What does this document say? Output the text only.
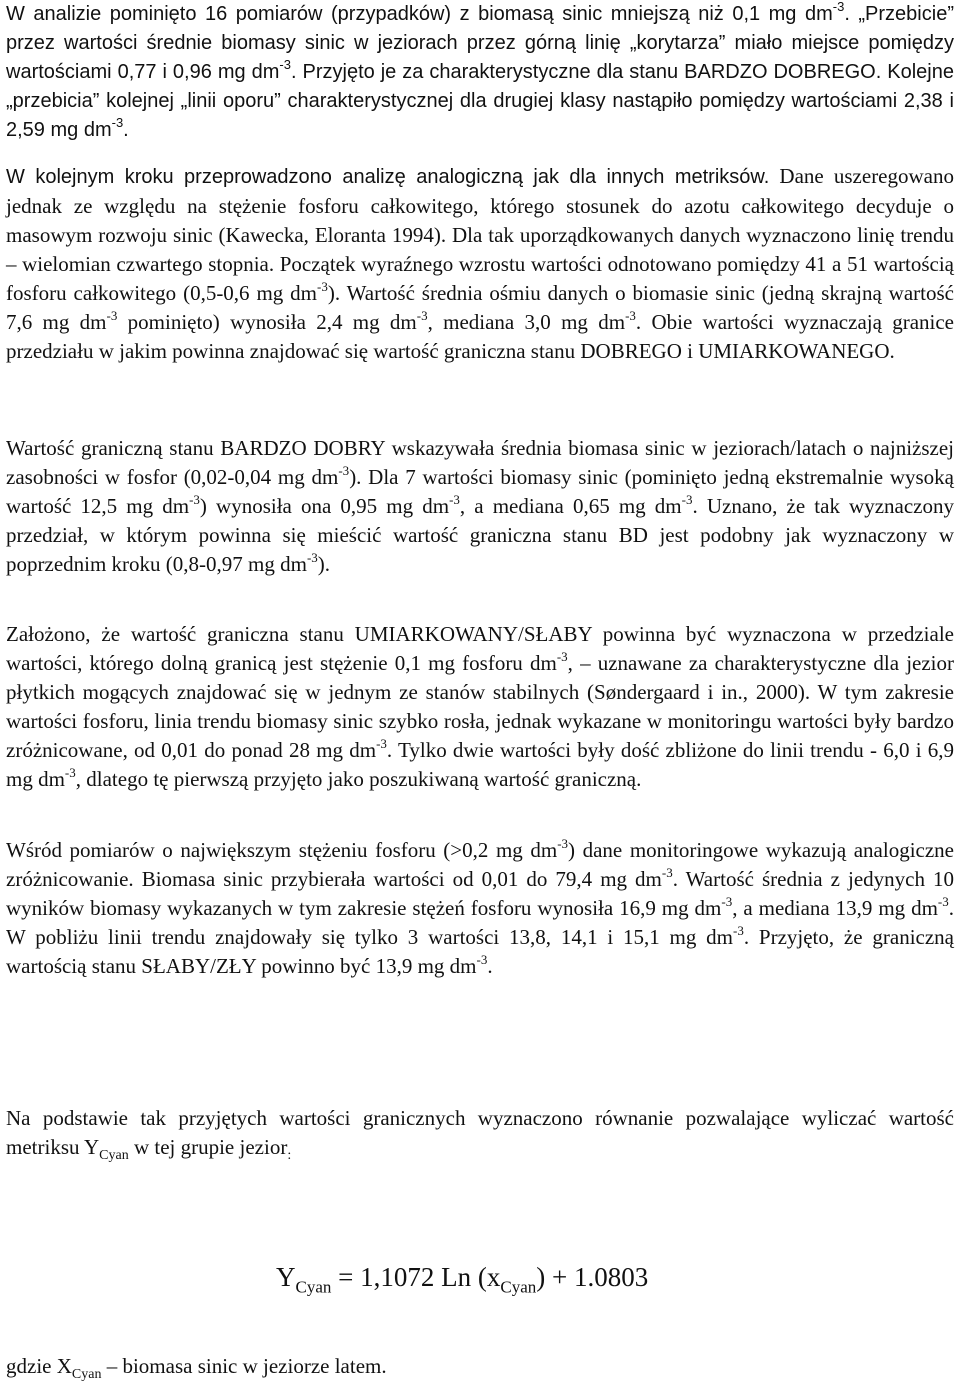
W analizie pominięto 16 pomiarów (przypadków) z biomasą sinic mniejszą niż 0,1 mg $dm^{-3}$. „Przebicie” przez wartości średnie biomasy sinic w jeziorach przez górną linię „korytarza” miało miejsce pomiędzy wartościami 0,77 i 0,96 mg $dm^{-3}$. Przyjęto je za charakterystyczne dla stanu BARDZO DOBREGO. Kolejne „przebicia” kolejnej „linii oporu” charakterystycznej dla drugiej klasy nastąpiło pomiędzy wartościami 2,38 i 2,59 mg $dm^{-3}$.

W kolejnym kroku przeprowadzono analizę analogiczną jak dla innych metriksów. Dane uszeregowano jednak ze względu na stężenie fosforu całkowitego, którego stosunek do azotu całkowitego decyduje o masowym rozwoju sinic (Kawecka, Eloranta 1994). Dla tak uporządkowanych danych wyznaczono linię trendu – wielomian czwartego stopnia. Początek wyraźnego wzrostu wartości odnotowano pomiędzy 41 a 51 wartością fosforu całkowitego (0,5-0,6 mg $dm^{-3}$). Wartość średnia ośmiu danych o biomasie sinic (jedną skrajną wartość 7,6 mg $dm^{-3}$ pominięto) wynosiła 2,4 mg $dm^{-3}$, mediana 3,0 mg $dm^{-3}$. Obie wartości wyznaczają granice przedziału w jakim powinna znajdować się wartość graniczna stanu DOBREGO i UMIARKOWANEGO.

Wartość graniczną stanu BARDZO DOBRY wskazywała średnia biomasa sinic w jeziorach/latach o najniższej zasobności w fosfor (0,02-0,04 mg $dm^{-3}$). Dla 7 wartości biomasy sinic (pominięto jedną ekstremalnie wysoką wartość 12,5 mg $dm^{-3}$) wynosiła ona 0,95 mg $dm^{-3}$, a mediana 0,65 mg $dm^{-3}$. Uznano, że tak wyznaczony przedział, w którym powinna się mieścić wartość graniczna stanu BD jest podobny jak wyznaczony w poprzednim kroku (0,8-0,97 mg $dm^{-3}$).

Założono, że wartość graniczna stanu UMIARKOWANY/SŁABY powinna być wyznaczona w przedziale wartości, którego dolną granicą jest stężenie 0,1 mg fosforu $dm^{-3}$, – uznawane za charakterystyczne dla jezior płytkich mogących znajdować się w jednym ze stanów stabilnych (Søndergaard i in., 2000). W tym zakresie wartości fosforu, linia trendu biomasy sinic szybko rosła, jednak wykazane w monitoringu wartości były bardzo zróżnicowane, od 0,01 do ponad 28 mg $dm^{-3}$. Tylko dwie wartości były dość zbliżone do linii trendu - 6,0 i 6,9 mg $dm^{-3}$, dlatego tę pierwszą przyjęto jako poszukiwaną wartość graniczną.

Wśród pomiarów o największym stężeniu fosforu (>0,2 mg $dm^{-3}$) dane monitoringowe wykazują analogiczne zróżnicowanie. Biomasa sinic przybierała wartości od 0,01 do 79,4 mg $dm^{-3}$. Wartość średnia z jedynych 10 wyników biomasy wykazanych w tym zakresie stężeń fosforu wynosiła 16,9 mg $dm^{-3}$, a mediana 13,9 mg $dm^{-3}$. W pobliżu linii trendu znajdowały się tylko 3 wartości 13,8, 14,1 i 15,1 mg $dm^{-3}$. Przyjęto, że graniczną wartością stanu SŁABY/ZŁY powinno być 13,9 mg $dm^{-3}$.

Na podstawie tak przyjętych wartości granicznych wyznaczono równanie pozwalające wyliczać wartość metriksu $Y_{Cyan}$ w tej grupie jezior$_:$

$Y_{Cyan} = 1,1072$ Ln $(x_{Cyan}) + 1.0803$

gdzie $X_{Cyan}$ – biomasa sinic w jeziorze latem.
